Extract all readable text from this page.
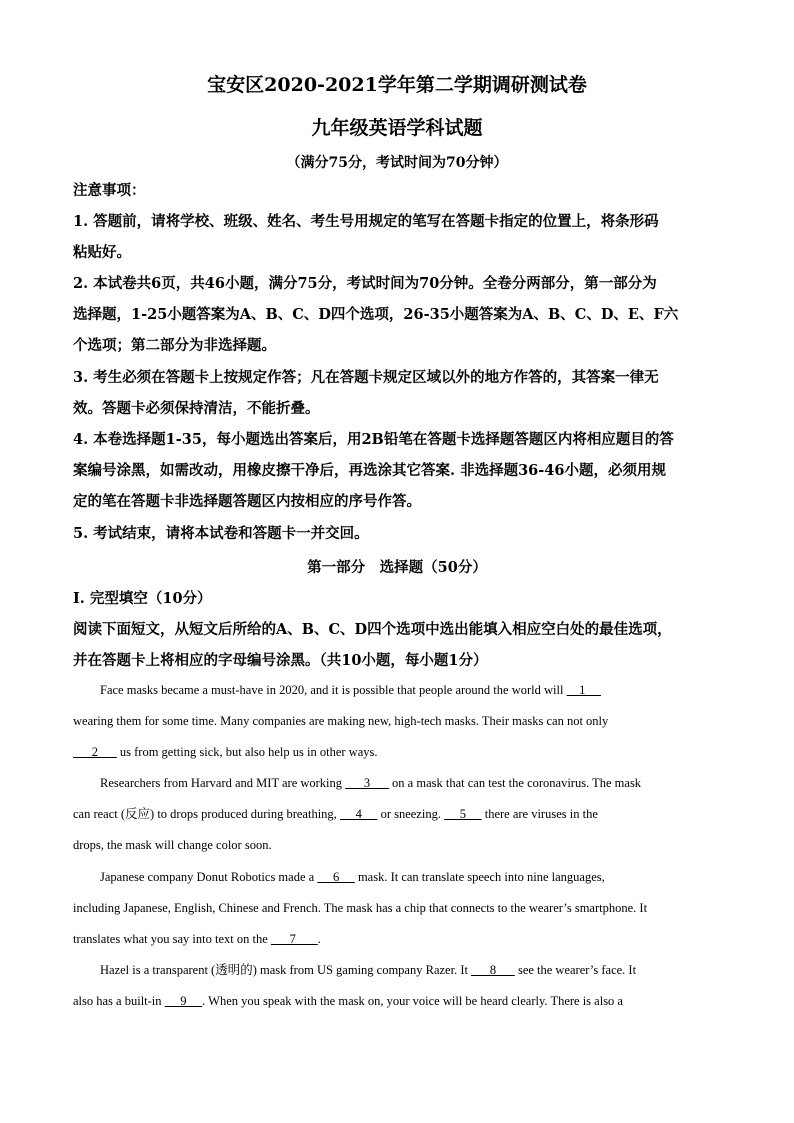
宝安区2020-2021学年第二学期调研测试卷
九年级英语学科试题
（满分75分，考试时间为70分钟）
注意事项：
1. 答题前，请将学校、班级、姓名、考生号用规定的笔写在答题卡指定的位置上，将条形码
粘贴好。
2. 本试卷共6页，共46小题，满分75分，考试时间为70分钟。全卷分两部分，第一部分为
选择题，1-25小题答案为A、B、C、D四个选项，26-35小题答案为A、B、C、D、E、F六
个选项；第二部分为非选择题。
3. 考生必须在答题卡上按规定作答；凡在答题卡规定区域以外的地方作答的，其答案一律无
效。答题卡必须保持清洁，不能折叠。
4. 本卷选择题1-35，每小题选出答案后，用2B铅笔在答题卡选择题答题区内将相应题目的答
案编号涂黑，如需改动，用橡皮擦干净后，再选涂其它答案. 非选择题36-46小题，必须用规
定的笔在答题卡非选择题答题区内按相应的序号作答。
5. 考试结束，请将本试卷和答题卡一并交回。
第一部分　选择题（50分）
I. 完型填空（10分）
阅读下面短文，从短文后所给的A、B、C、D四个选项中选出能填入相应空白处的最佳选项，
并在答题卡上将相应的字母编号涂黑。（共10小题，每小题1分）
Face masks became a must-have in 2020, and it is possible that people around the world will     1
wearing them for some time. Many companies are making new, high-tech masks. Their masks can not only
2       us from getting sick, but also help us in other ways.
Researchers from Harvard and MIT are working       3       on a mask that can test the coronavirus. The mask
can react (反应) to drops produced during breathing,      4      or sneezing.      5      there are viruses in the
drops, the mask will change color soon.
Japanese company Donut Robotics made a      6      mask. It can translate speech into nine languages,
including Japanese, English, Chinese and French. The mask has a chip that connects to the wearer’s smartphone. It
translates what you say into text on the       7       .
Hazel is a transparent (透明的) mask from US gaming company Razer. It       8       see the wearer’s face. It
also has a built-in      9     . When you speak with the mask on, your voice will be heard clearly. There is also a
